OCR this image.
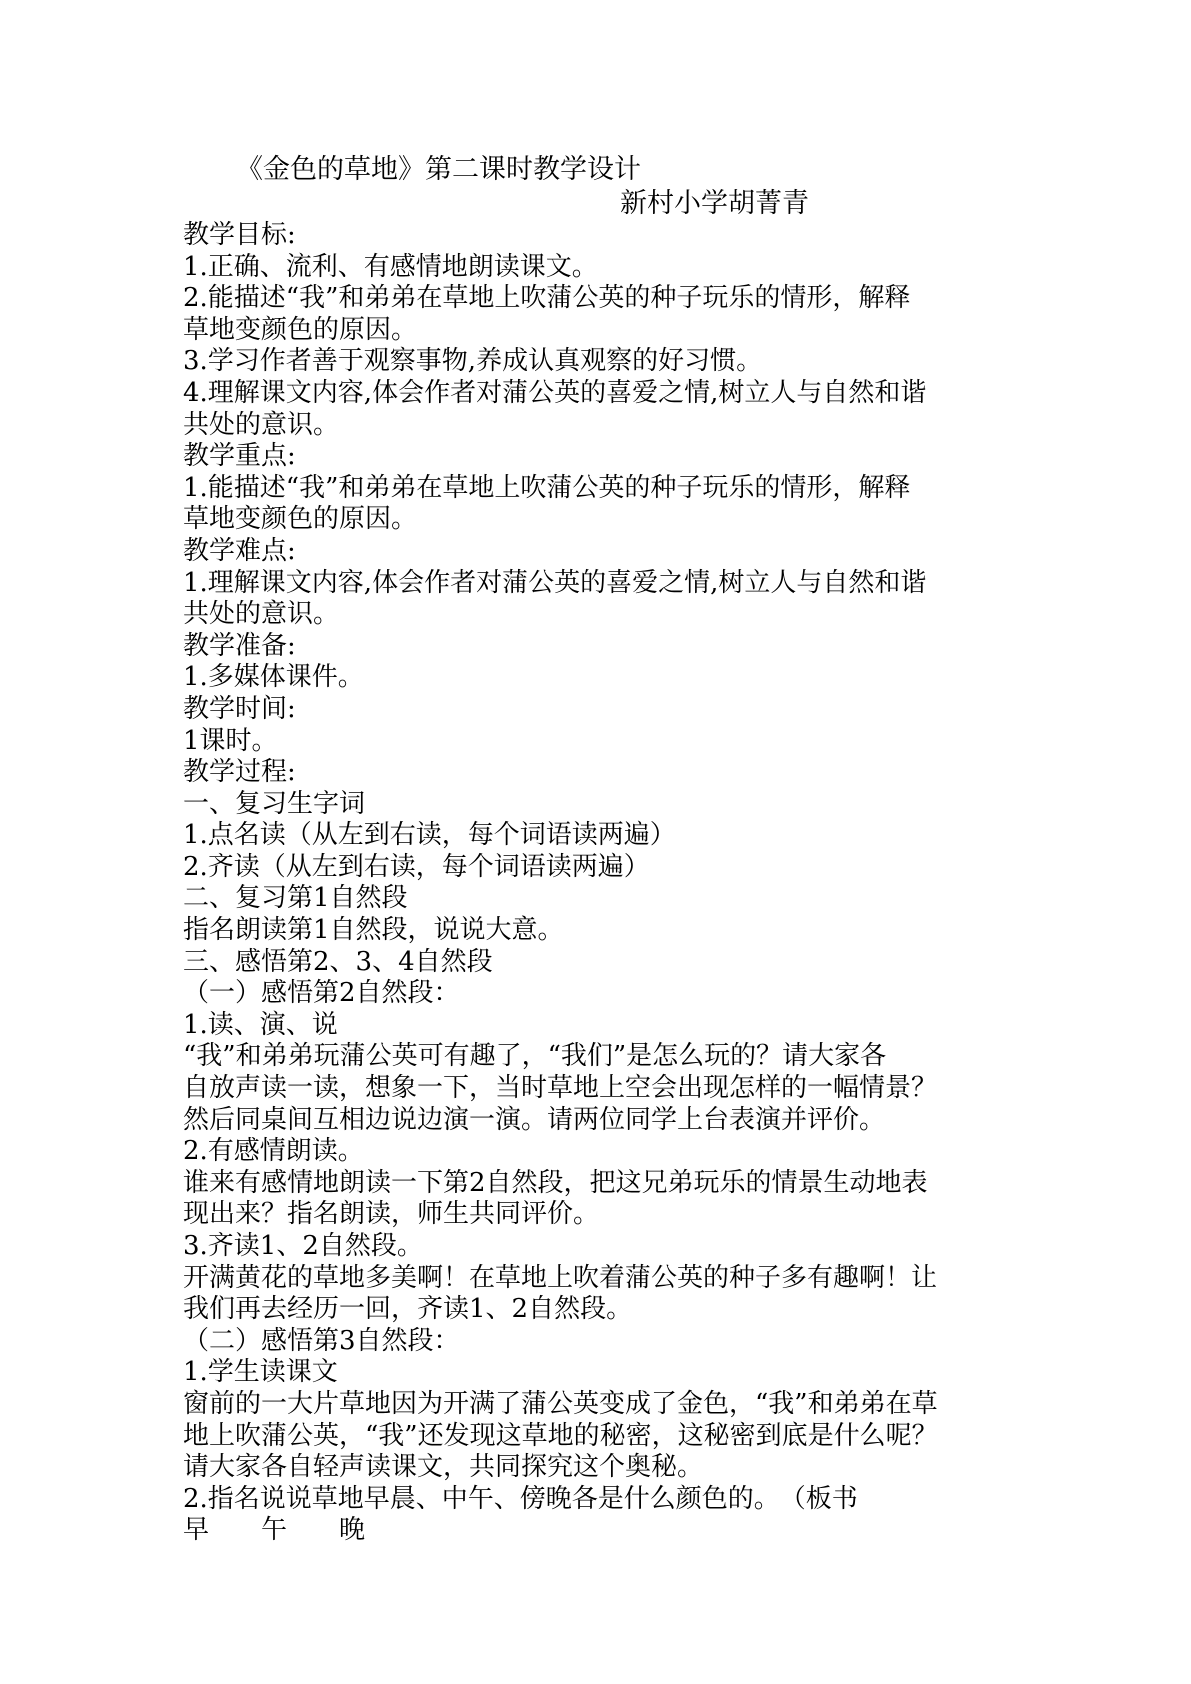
《金色的草地》第二课时教学设计
新村小学胡菁青
教学目标:
1.正确、流利、有感情地朗读课文。
2.能描述“我”和弟弟在草地上吹蒲公英的种子玩乐的情形，解释
草地变颜色的原因。
3.学习作者善于观察事物,养成认真观察的好习惯。
4.理解课文内容,体会作者对蒲公英的喜爱之情,树立人与自然和谐
共处的意识。
教学重点:
1.能描述“我”和弟弟在草地上吹蒲公英的种子玩乐的情形，解释
草地变颜色的原因。
教学难点:
1.理解课文内容,体会作者对蒲公英的喜爱之情,树立人与自然和谐
共处的意识。
教学准备:
1.多媒体课件。
教学时间:
1课时。
教学过程:
一、复习生字词
1.点名读（从左到右读，每个词语读两遍）
2.齐读（从左到右读，每个词语读两遍）
二、复习第1自然段
指名朗读第1自然段，说说大意。
三、感悟第2、3、4自然段
（一）感悟第2自然段：
1.读、演、说
“我”和弟弟玩蒲公英可有趣了，“我们”是怎么玩的？请大家各
自放声读一读，想象一下，当时草地上空会出现怎样的一幅情景？
然后同桌间互相边说边演一演。请两位同学上台表演并评价。
2.有感情朗读。
谁来有感情地朗读一下第2自然段，把这兄弟玩乐的情景生动地表
现出来？指名朗读，师生共同评价。
3.齐读1、2自然段。
开满黄花的草地多美啊！在草地上吹着蒲公英的种子多有趣啊！让
我们再去经历一回，齐读1、2自然段。
（二）感悟第3自然段：
1.学生读课文
窗前的一大片草地因为开满了蒲公英变成了金色，“我”和弟弟在草
地上吹蒲公英，“我”还发现这草地的秘密，这秘密到底是什么呢？
请大家各自轻声读课文，共同探究这个奥秘。
2.指名说说草地早晨、中午、傍晚各是什么颜色的。　（板书
早　　午　　晚
